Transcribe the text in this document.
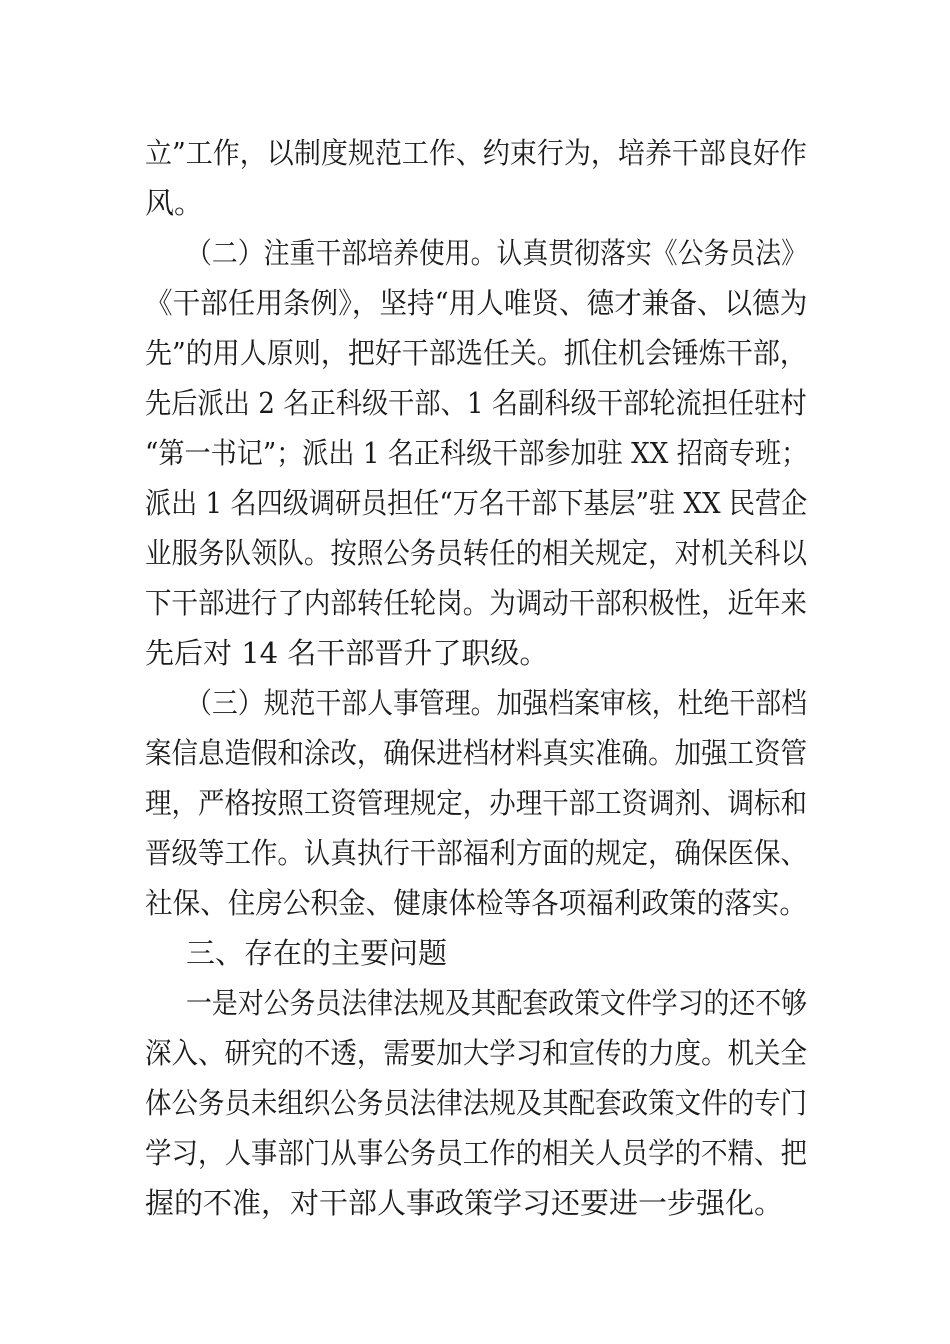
立”工作，以制度规范工作、约束行为，培养干部良好作
风。
（二）注重干部培养使用。认真贯彻落实《公务员法》
《干部任用条例》，坚持“用人唯贤、德才兼备、以德为
先”的用人原则，把好干部选任关。抓住机会锤炼干部，
先后派出 2 名正科级干部、1 名副科级干部轮流担任驻村
“第一书记”；派出 1 名正科级干部参加驻 XX 招商专班；
派出 1 名四级调研员担任“万名干部下基层”驻 XX 民营企
业服务队领队。按照公务员转任的相关规定，对机关科以
下干部进行了内部转任轮岗。为调动干部积极性，近年来
先后对 14 名干部晋升了职级。
（三）规范干部人事管理。加强档案审核，杜绝干部档
案信息造假和涂改，确保进档材料真实准确。加强工资管
理，严格按照工资管理规定，办理干部工资调剂、调标和
晋级等工作。认真执行干部福利方面的规定，确保医保、
社保、住房公积金、健康体检等各项福利政策的落实。
三、存在的主要问题
一是对公务员法律法规及其配套政策文件学习的还不够
深入、研究的不透，需要加大学习和宣传的力度。机关全
体公务员未组织公务员法律法规及其配套政策文件的专门
学习，人事部门从事公务员工作的相关人员学的不精、把
握的不准，对干部人事政策学习还要进一步强化。
